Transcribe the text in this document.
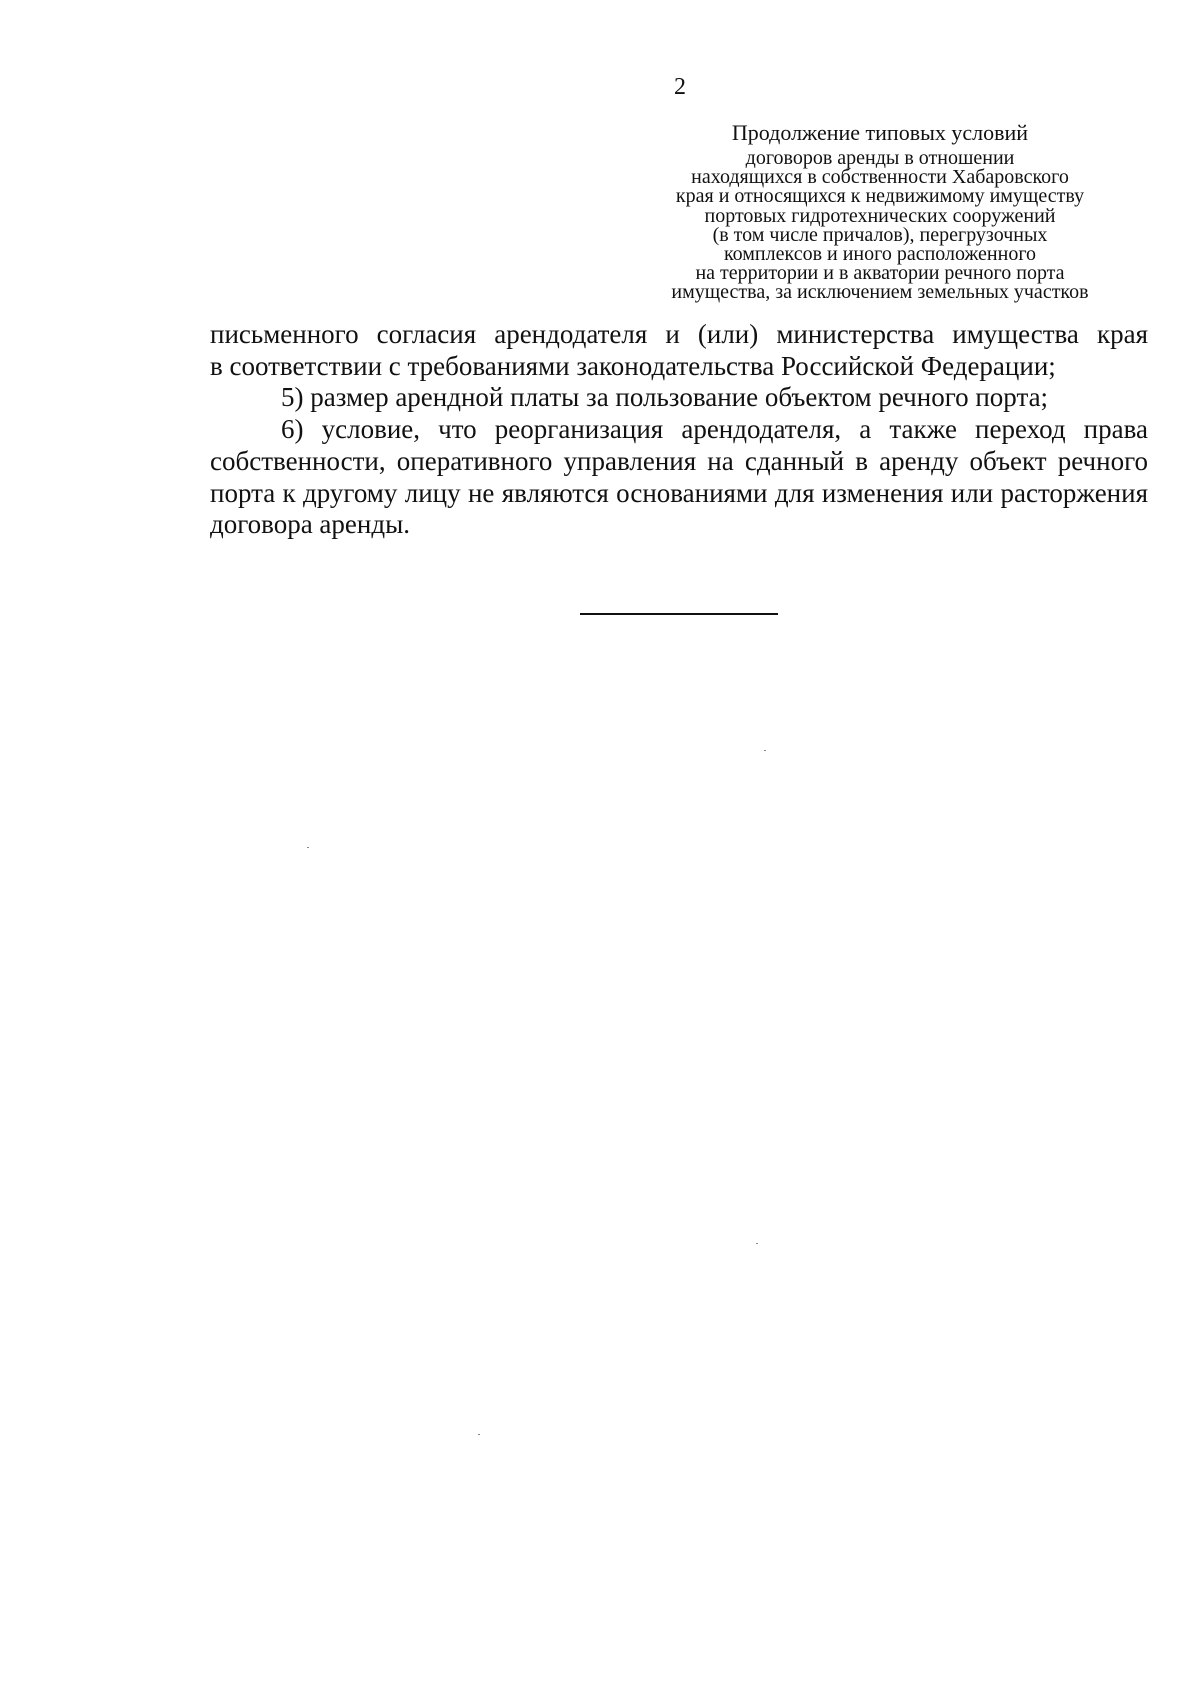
2
Продолжение типовых условий
договоров аренды в отношении
находящихся в собственности Хабаровского
края и относящихся к недвижимому имуществу
портовых гидротехнических сооружений
(в том числе причалов), перегрузочных
комплексов и иного расположенного
на территории и в акватории речного порта
имущества, за исключением земельных участков
письменного согласия арендодателя и (или) министерства имущества края
в соответствии с требованиями законодательства Российской Федерации;
5) размер арендной платы за пользование объектом речного порта;
6) условие, что реорганизация арендодателя, а также переход права
собственности, оперативного управления на сданный в аренду объект речного
порта к другому лицу не являются основаниями для изменения или расторжения
договора аренды.
